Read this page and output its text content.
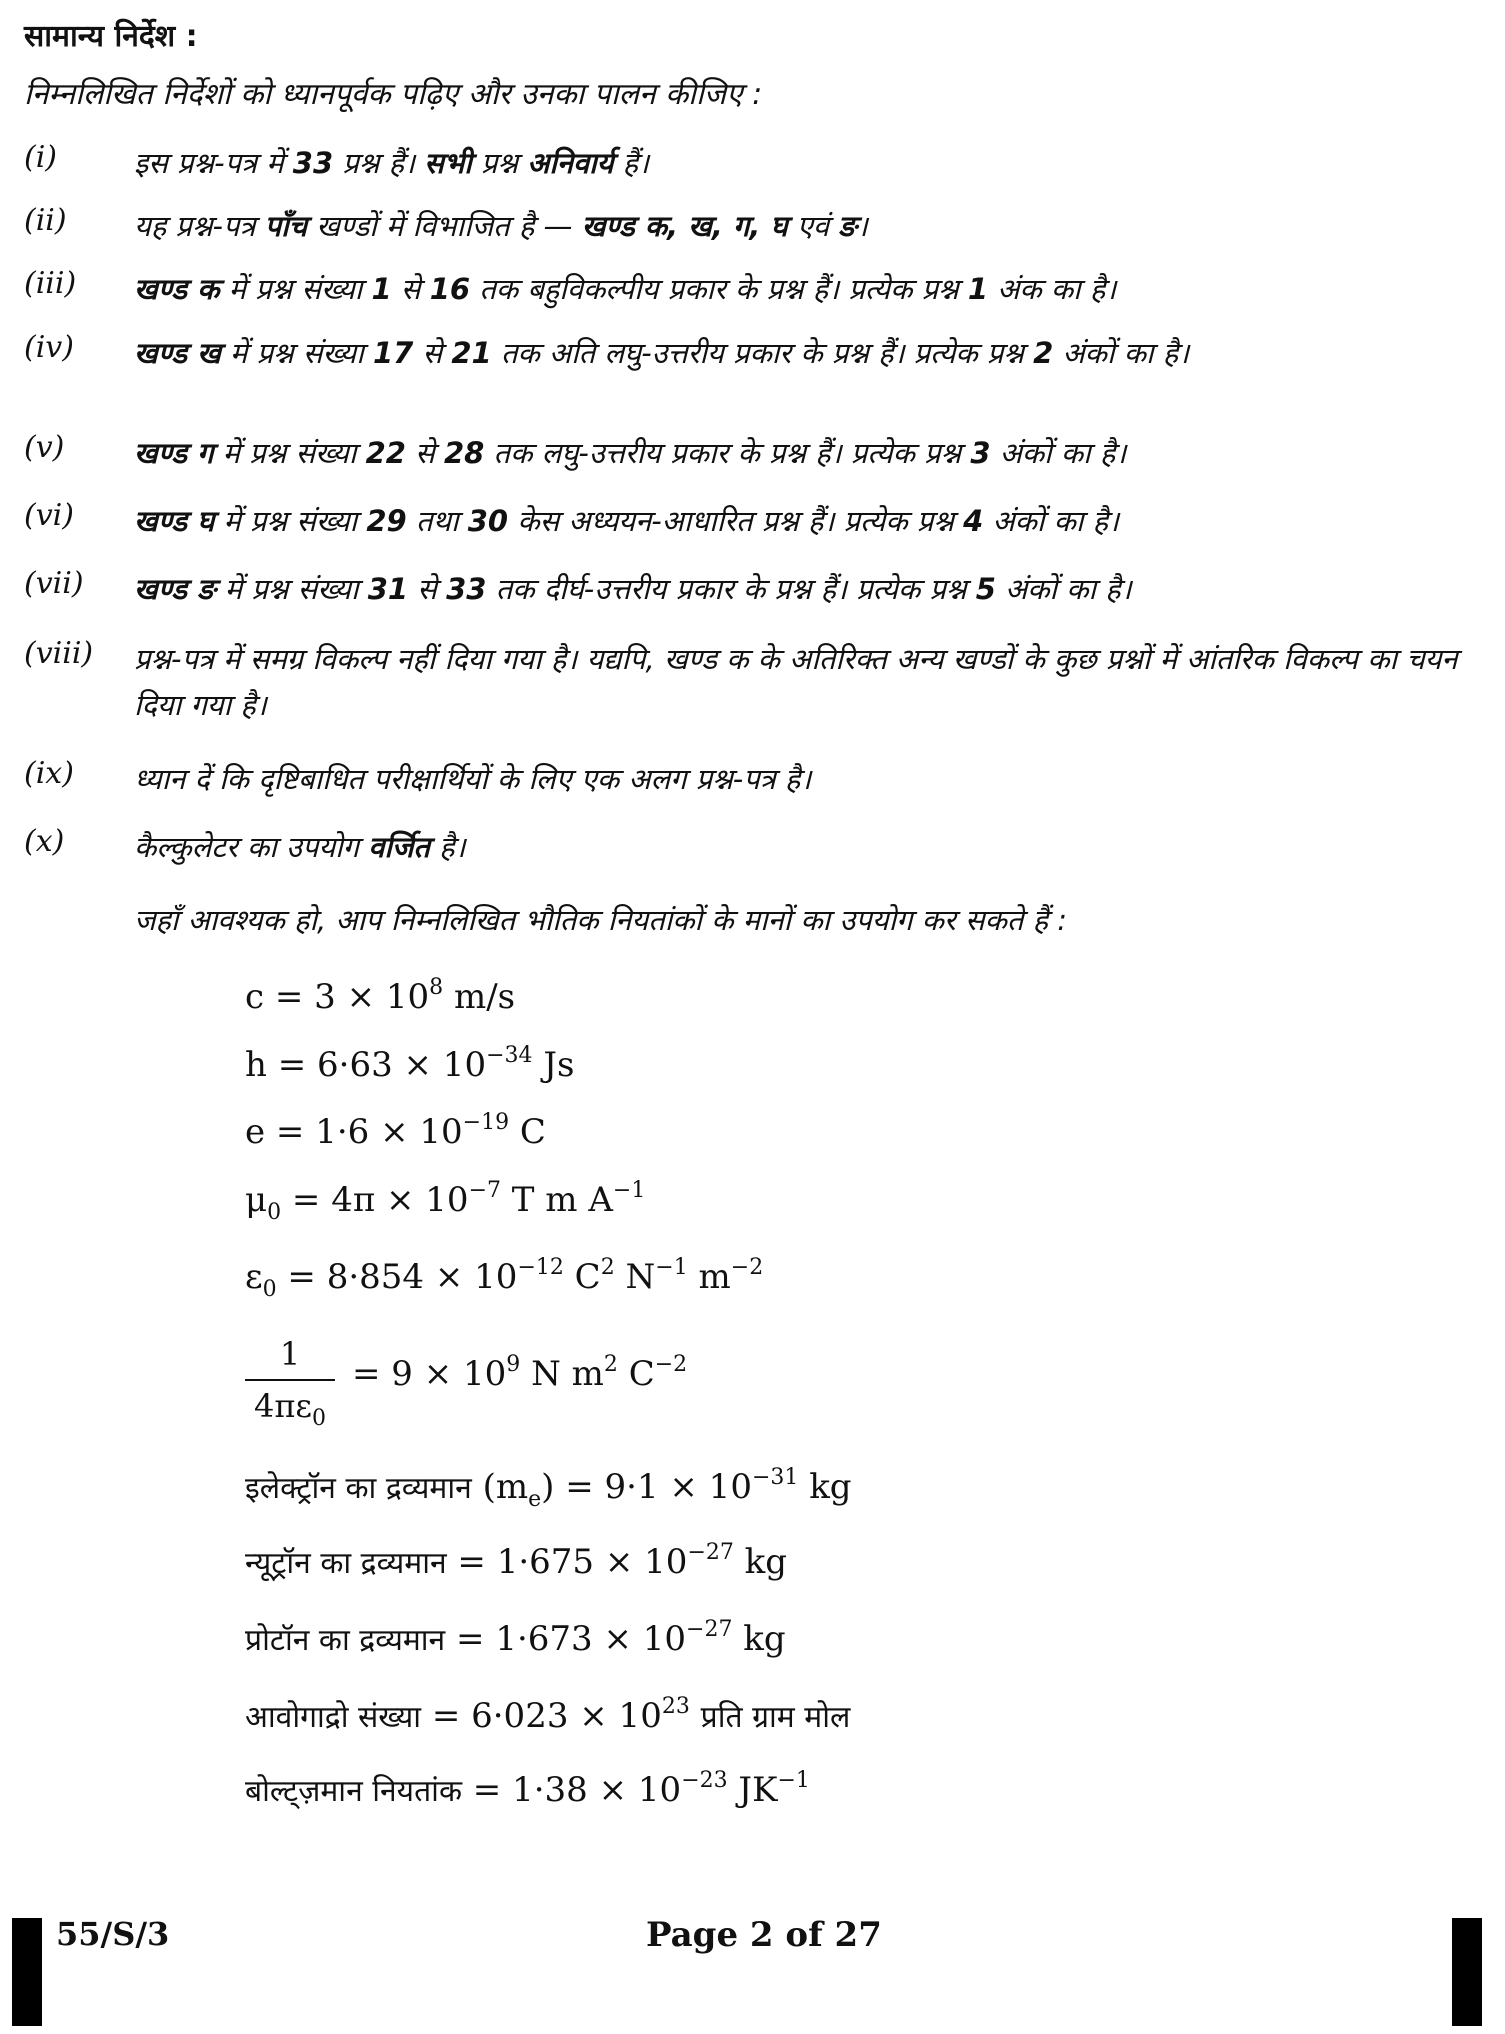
सामान्य निर्देश :
निम्नलिखित निर्देशों को ध्यानपूर्वक पढ़िए और उनका पालन कीजिए :
(i)	इस प्रश्न-पत्र में 33 प्रश्न हैं। सभी प्रश्न अनिवार्य हैं।
(ii)	यह प्रश्न-पत्र पाँच खण्डों में विभाजित है — खण्ड क, ख, ग, घ एवं ङ।
(iii)	खण्ड क में प्रश्न संख्या 1 से 16 तक बहुविकल्पीय प्रकार के प्रश्न हैं। प्रत्येक प्रश्न 1 अंक का है।
(iv)	खण्ड ख में प्रश्न संख्या 17 से 21 तक अति लघु-उत्तरीय प्रकार के प्रश्न हैं। प्रत्येक प्रश्न 2 अंकों का है।
(v)	खण्ड ग में प्रश्न संख्या 22 से 28 तक लघु-उत्तरीय प्रकार के प्रश्न हैं। प्रत्येक प्रश्न 3 अंकों का है।
(vi)	खण्ड घ में प्रश्न संख्या 29 तथा 30 केस अध्ययन-आधारित प्रश्न हैं। प्रत्येक प्रश्न 4 अंकों का है।
(vii)	खण्ड ङ में प्रश्न संख्या 31 से 33 तक दीर्घ-उत्तरीय प्रकार के प्रश्न हैं। प्रत्येक प्रश्न 5 अंकों का है।
(viii)	प्रश्न-पत्र में समग्र विकल्प नहीं दिया गया है। यद्यपि, खण्ड क के अतिरिक्त अन्य खण्डों के कुछ प्रश्नों में आंतरिक विकल्प का चयन दिया गया है।
(ix)	ध्यान दें कि दृष्टिबाधित परीक्षार्थियों के लिए एक अलग प्रश्न-पत्र है।
(x)	कैल्कुलेटर का उपयोग वर्जित है।
जहाँ आवश्यक हो, आप निम्नलिखित भौतिक नियतांकों के मानों का उपयोग कर सकते हैं :
$c = 3 \times 10^8$ m/s
$h = 6\cdot 63 \times 10^{-34}$ Js
$e = 1\cdot 6 \times 10^{-19}$ C
$\mu_0 = 4\pi \times 10^{-7}$ T m $A^{-1}$
$\varepsilon_0 = 8\cdot 854 \times 10^{-12}$ $C^2$ $N^{-1}$ $m^{-2}$
इलेक्ट्रॉन का द्रव्यमान $(m_e) = 9\cdot 1 \times 10^{-31}$ kg
न्यूट्रॉन का द्रव्यमान = $1\cdot 675 \times 10^{-27}$ kg
प्रोटॉन का द्रव्यमान = $1\cdot 673 \times 10^{-27}$ kg
आवोगाद्रो संख्या = $6\cdot 023 \times 10^{23}$ प्रति ग्राम मोल
बोल्ट्ज़मान नियतांक = $1\cdot 38 \times 10^{-23}$ $JK^{-1}$
1
$4\pi\varepsilon_0$
= $9 \times 10^9$ N $m^2$ $C^{-2}$
55/S/3	Page 2 of 27
